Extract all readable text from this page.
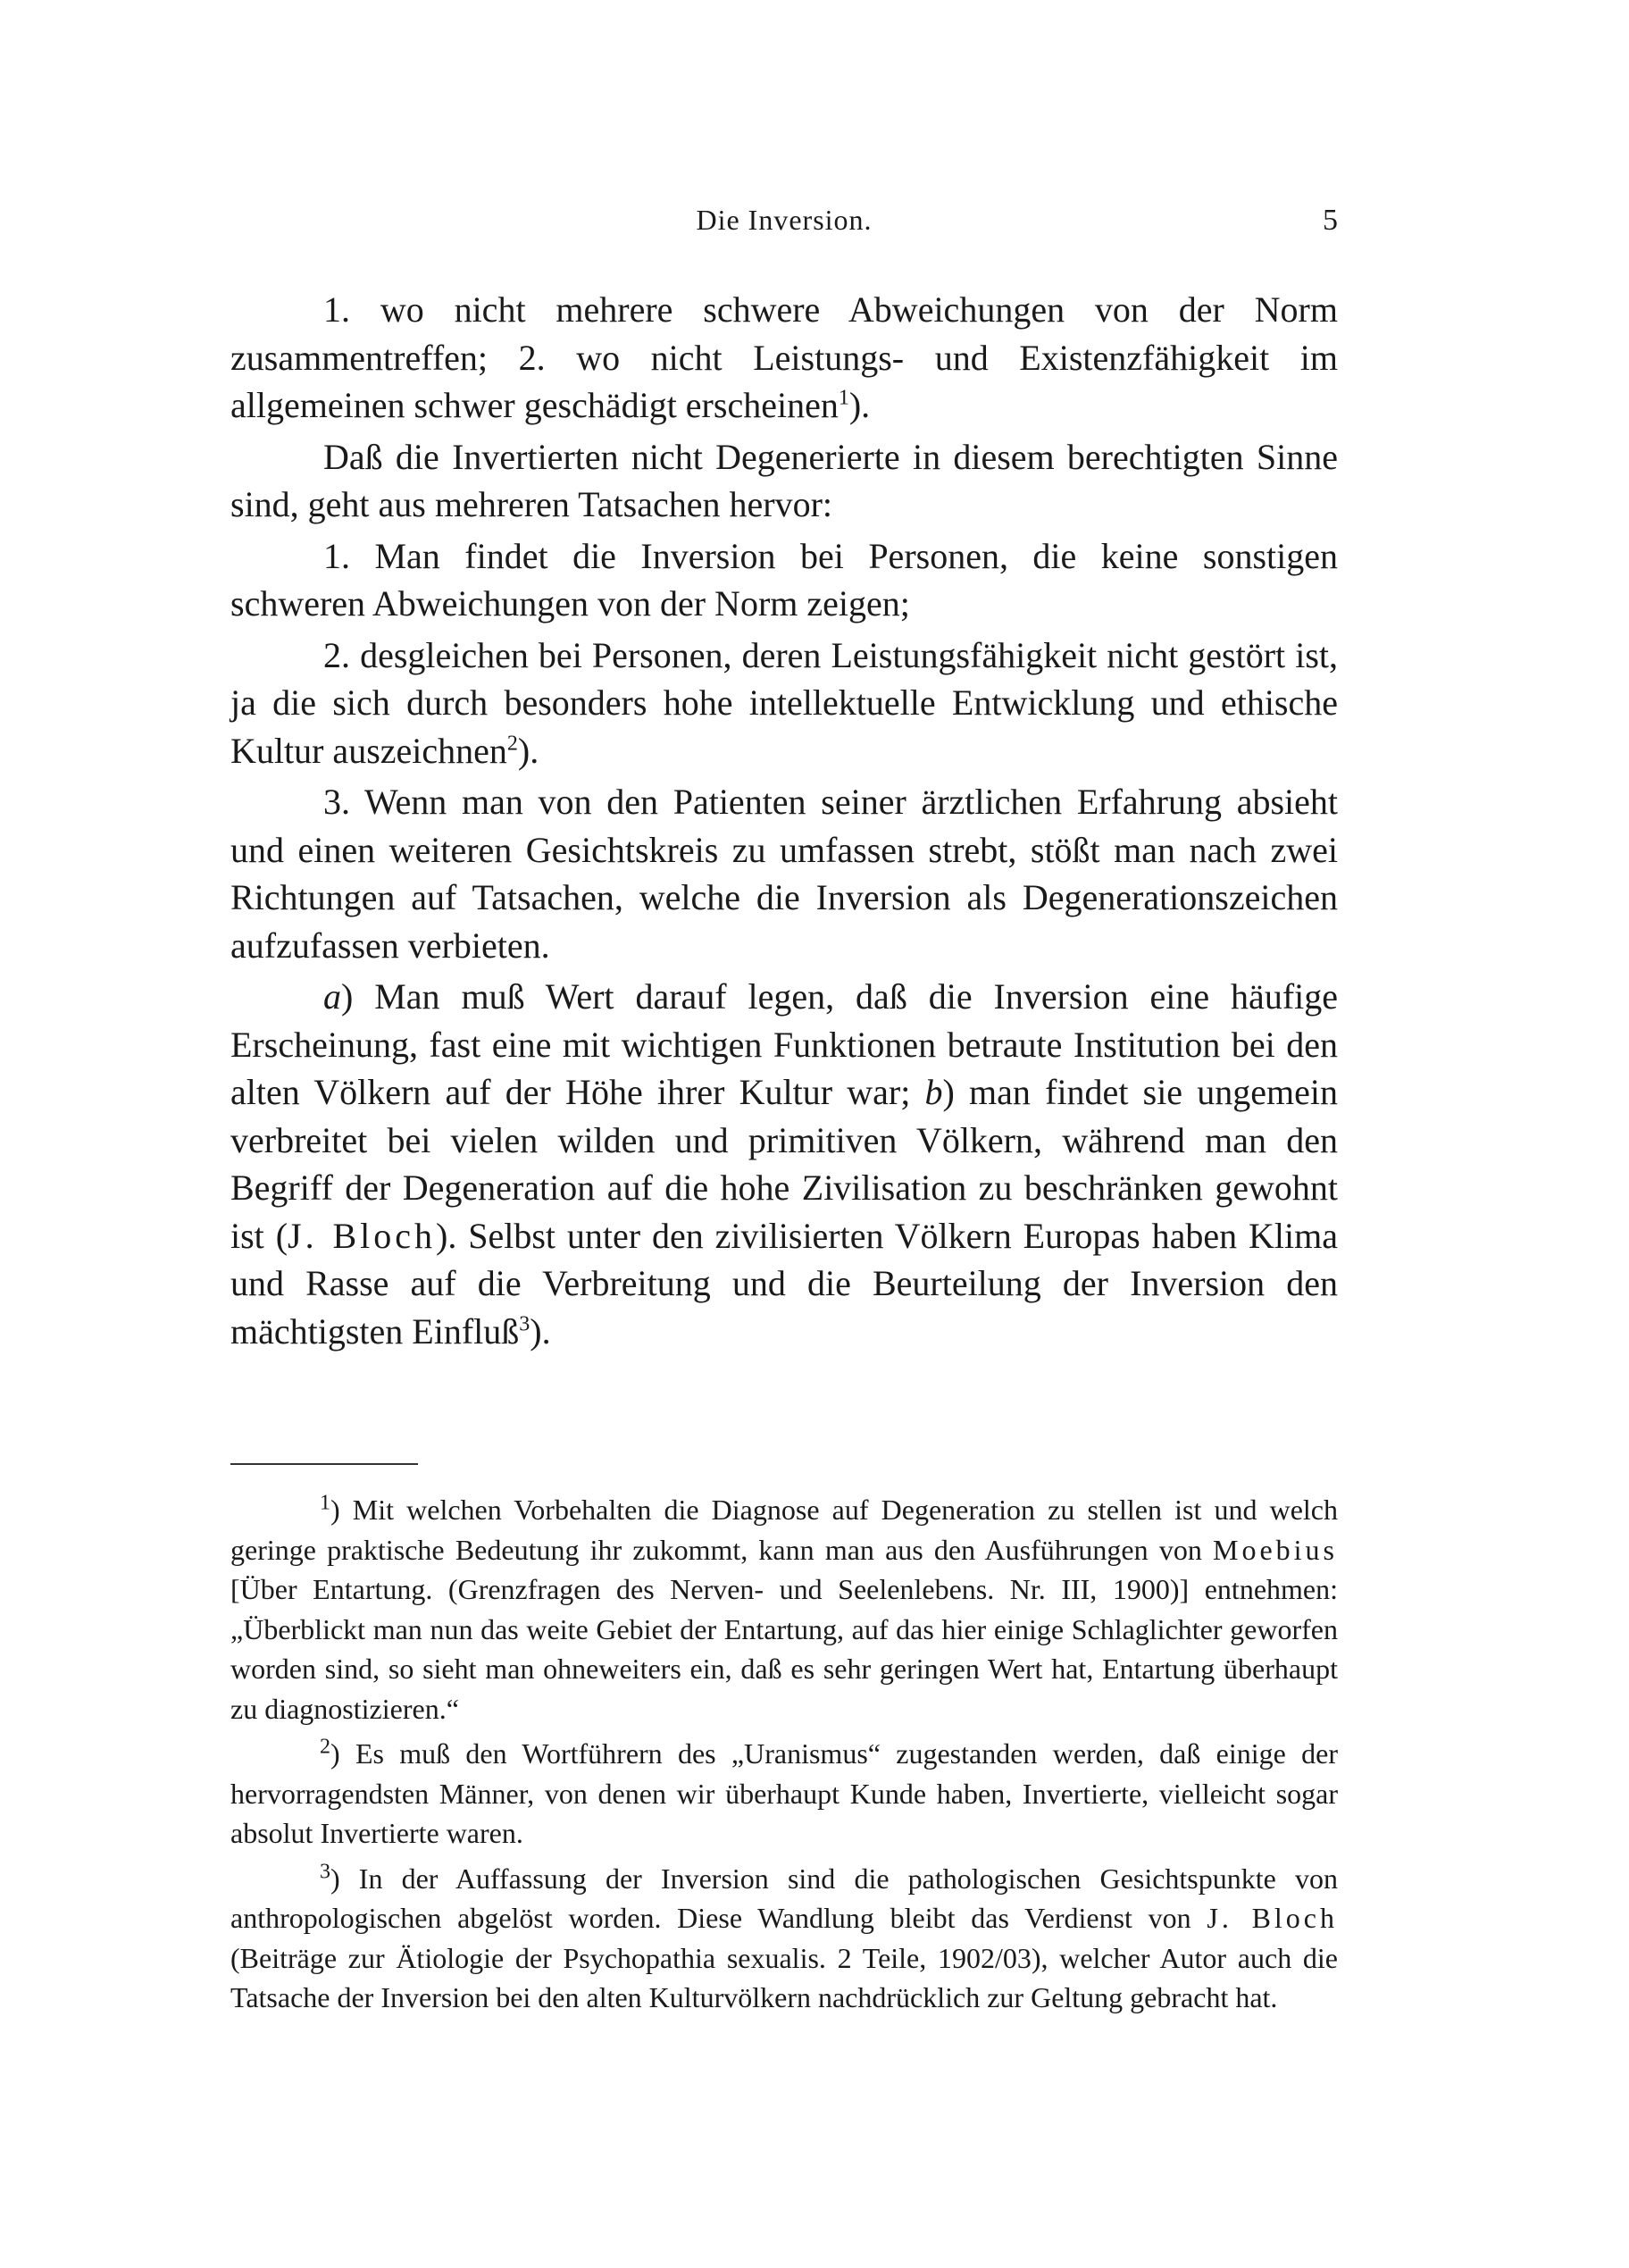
Die Inversion.	5

1. wo nicht mehrere schwere Abweichungen von der Norm zusammentreffen; 2. wo nicht Leistungs- und Existenzfähigkeit im allgemeinen schwer geschädigt erscheinen$^1$).

Daß die Invertierten nicht Degenerierte in diesem berechtigten Sinne sind, geht aus mehreren Tatsachen hervor:

1. Man findet die Inversion bei Personen, die keine sonstigen schweren Abweichungen von der Norm zeigen;

2. desgleichen bei Personen, deren Leistungsfähigkeit nicht gestört ist, ja die sich durch besonders hohe intellektuelle Entwicklung und ethische Kultur auszeichnen$^2$).

3. Wenn man von den Patienten seiner ärztlichen Erfahrung absieht und einen weiteren Gesichtskreis zu umfassen strebt, stößt man nach zwei Richtungen auf Tatsachen, welche die Inversion als Degenerationszeichen aufzufassen verbieten.

a) Man muß Wert darauf legen, daß die Inversion eine häufige Erscheinung, fast eine mit wichtigen Funktionen betraute Institution bei den alten Völkern auf der Höhe ihrer Kultur war; b) man findet sie ungemein verbreitet bei vielen wilden und primitiven Völkern, während man den Begriff der Degeneration auf die hohe Zivilisation zu beschränken gewohnt ist (J. Bloch). Selbst unter den zivilisierten Völkern Europas haben Klima und Rasse auf die Verbreitung und die Beurteilung der Inversion den mächtigsten Einfluß$^3$).

$^1$) Mit welchen Vorbehalten die Diagnose auf Degeneration zu stellen ist und welch geringe praktische Bedeutung ihr zukommt, kann man aus den Ausführungen von Moebius [Über Entartung. (Grenzfragen des Nerven- und Seelenlebens. Nr. III, 1900)] entnehmen: „Überblickt man nun das weite Gebiet der Entartung, auf das hier einige Schlaglichter geworfen worden sind, so sieht man ohneweiters ein, daß es sehr geringen Wert hat, Entartung überhaupt zu diagnostizieren.“

$^2$) Es muß den Wortführern des „Uranismus“ zugestanden werden, daß einige der hervorragendsten Männer, von denen wir überhaupt Kunde haben, Invertierte, vielleicht sogar absolut Invertierte waren.

$^3$) In der Auffassung der Inversion sind die pathologischen Gesichtspunkte von anthropologischen abgelöst worden. Diese Wandlung bleibt das Verdienst von J. Bloch (Beiträge zur Ätiologie der Psychopathia sexualis. 2 Teile, 1902/03), welcher Autor auch die Tatsache der Inversion bei den alten Kulturvölkern nachdrücklich zur Geltung gebracht hat.
